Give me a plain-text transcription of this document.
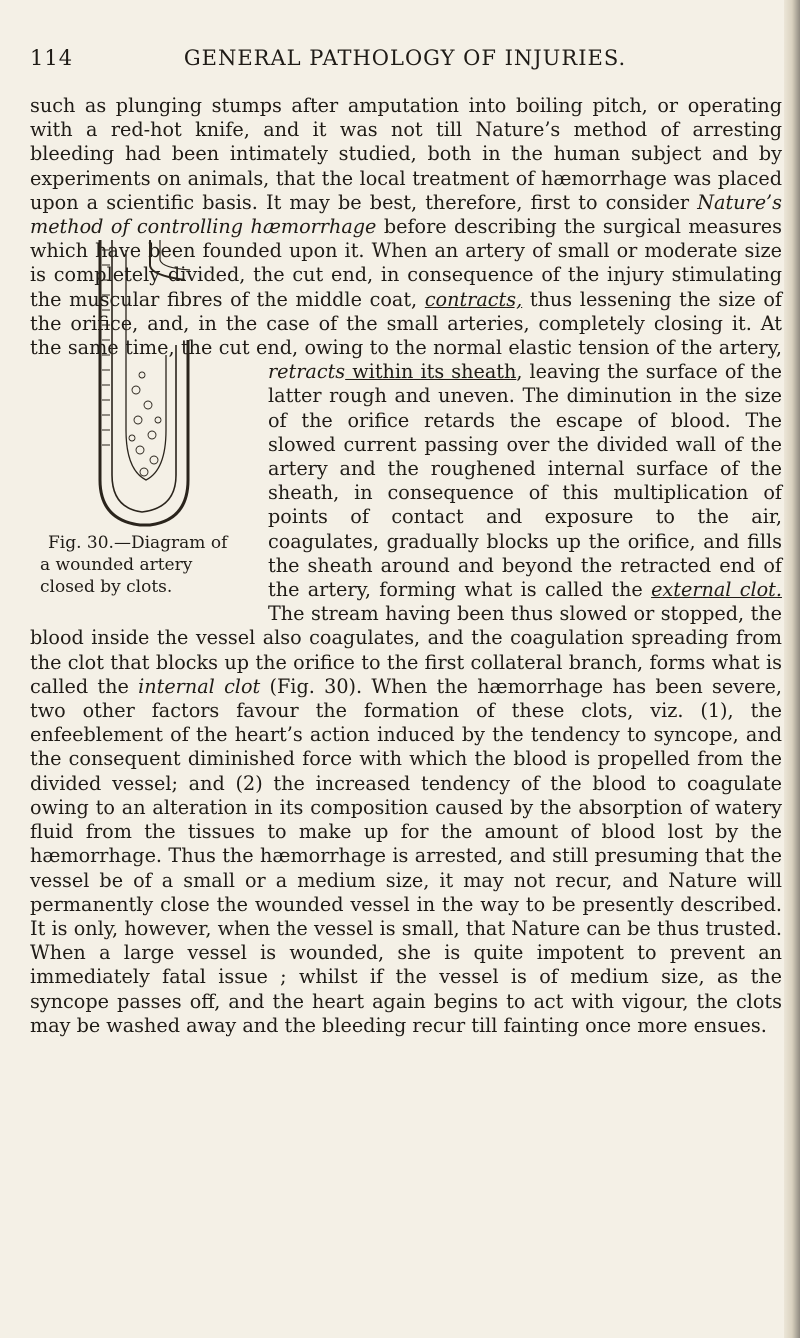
114	GENERAL PATHOLOGY OF INJURIES.

such as plunging stumps after amputation into boiling pitch, or operating with a red-hot knife, and it was not till Nature’s method of arresting bleeding had been intimately studied, both in the human subject and by experiments on animals, that the local treatment of hæmorrhage was placed upon a scientific basis. It may be best, therefore, first to consider Nature’s method of controlling hæmorrhage before describing the surgical measures which have been founded upon it. When an artery of small or moderate size is completely divided, the cut end, in consequence of the injury stimulating the muscular fibres of the middle coat, contracts, thus lessening the size of the orifice, and, in the case of the small arteries, completely closing it. At the same time, the cut end, owing to the normal elastic tension of the artery,
Fig. 30.—Diagram of
a wounded artery
closed by clots.
retracts within its sheath, leaving the surface of the latter rough and uneven. The diminution in the size of the orifice retards the escape of blood. The slowed current passing over the divided wall of the artery and the roughened internal surface of the sheath, in consequence of this multiplication of points of contact and exposure to the air, coagulates, gradually blocks up the orifice, and fills the sheath around and beyond the retracted end of the artery, forming what is called the external clot. The stream having been thus slowed or stopped, the blood inside the vessel also coagulates, and the coagulation spreading from the clot that blocks up the orifice to the first collateral branch, forms what is called the internal clot (Fig. 30). When the hæmorrhage has been severe, two other factors favour the formation of these clots, viz. (1), the enfeeblement of the heart’s action induced by the tendency to syncope, and the consequent diminished force with which the blood is propelled from the divided vessel; and (2) the increased tendency of the blood to coagulate owing to an alteration in its composition caused by the absorption of watery fluid from the tissues to make up for the amount of blood lost by the hæmorrhage. Thus the hæmorrhage is arrested, and still presuming that the vessel be of a small or a medium size, it may not recur, and Nature will permanently close the wounded vessel in the way to be presently described. It is only, however, when the vessel is small, that Nature can be thus trusted. When a large vessel is wounded, she is quite impotent to prevent an immediately fatal issue ; whilst if the vessel is of medium size, as the syncope passes off, and the heart again begins to act with vigour, the clots may be washed away and the bleeding recur till fainting once more ensues.
